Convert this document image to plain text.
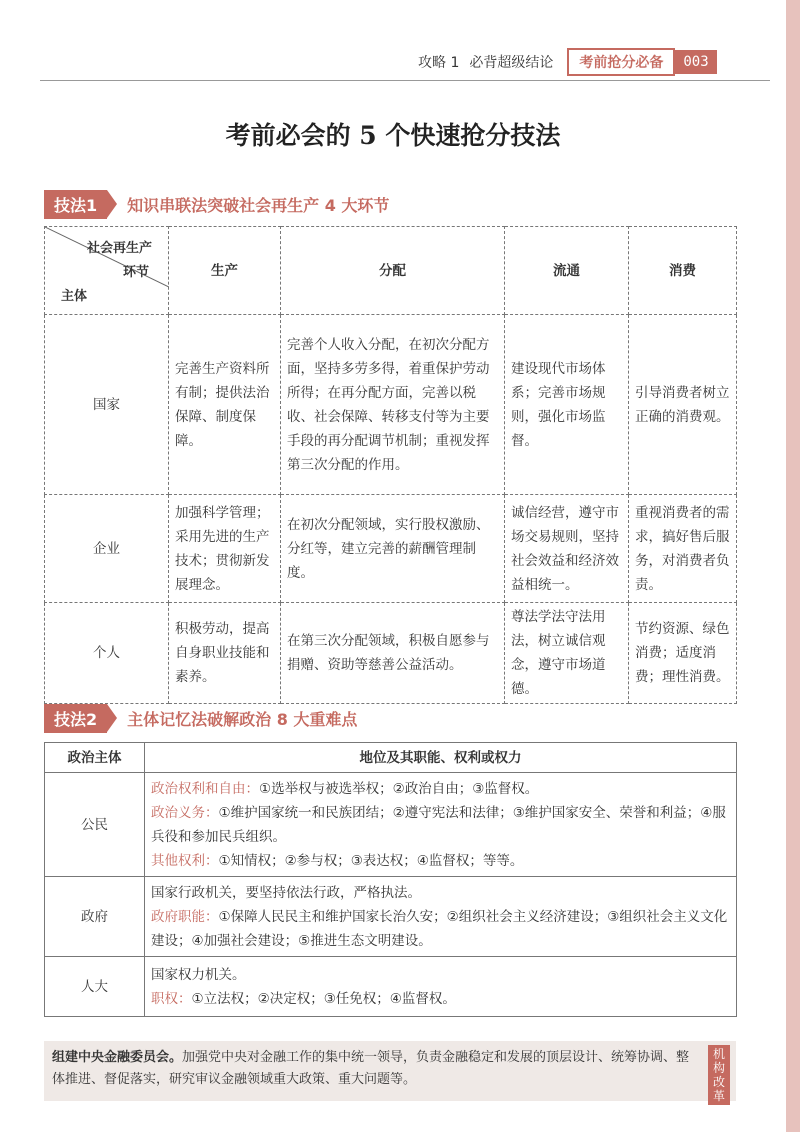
攻略 1 必背超级结论	考前抢分必备	003
考前必会的 5 个快速抢分技法
技法1	知识串联法突破社会再生产 4 大环节
社会再生产
环节
主体	生产	分配	流通	消费
国家	完善生产资料所有制；提供法治保障、制度保障。	完善个人收入分配，在初次分配方面，坚持多劳多得，着重保护劳动所得；在再分配方面，完善以税收、社会保障、转移支付等为主要手段的再分配调节机制；重视发挥第三次分配的作用。	建设现代市场体系；完善市场规则，强化市场监督。	引导消费者树立正确的消费观。
企业	加强科学管理；采用先进的生产技术；贯彻新发展理念。	在初次分配领域，实行股权激励、分红等，建立完善的薪酬管理制度。	诚信经营，遵守市场交易规则，坚持社会效益和经济效益相统一。	重视消费者的需求，搞好售后服务，对消费者负责。
个人	积极劳动，提高自身职业技能和素养。	在第三次分配领域，积极自愿参与捐赠、资助等慈善公益活动。	尊法学法守法用法，树立诚信观念，遵守市场道德。	节约资源、绿色消费；适度消费；理性消费。
技法2	主体记忆法破解政治 8 大重难点
政治主体	地位及其职能、权利或权力
公民	政治权利和自由：①选举权与被选举权；②政治自由；③监督权。
政治义务：①维护国家统一和民族团结；②遵守宪法和法律；③维护国家安全、荣誉和利益；④服兵役和参加民兵组织。
其他权利：①知情权；②参与权；③表达权；④监督权；等等。

政府	国家行政机关，要坚持依法行政，严格执法。
政府职能：①保障人民民主和维护国家长治久安；②组织社会主义经济建设；③组织社会主义文化建设；④加强社会建设；⑤推进生态文明建设。

人大	国家权力机关。
职权：①立法权；②决定权；③任免权；④监督权。
组建中央金融委员会。加强党中央对金融工作的集中统一领导，负责金融稳定和发展的顶层设计、统筹协调、整体推进、督促落实，研究审议金融领域重大政策、重大问题等。
机构改革
